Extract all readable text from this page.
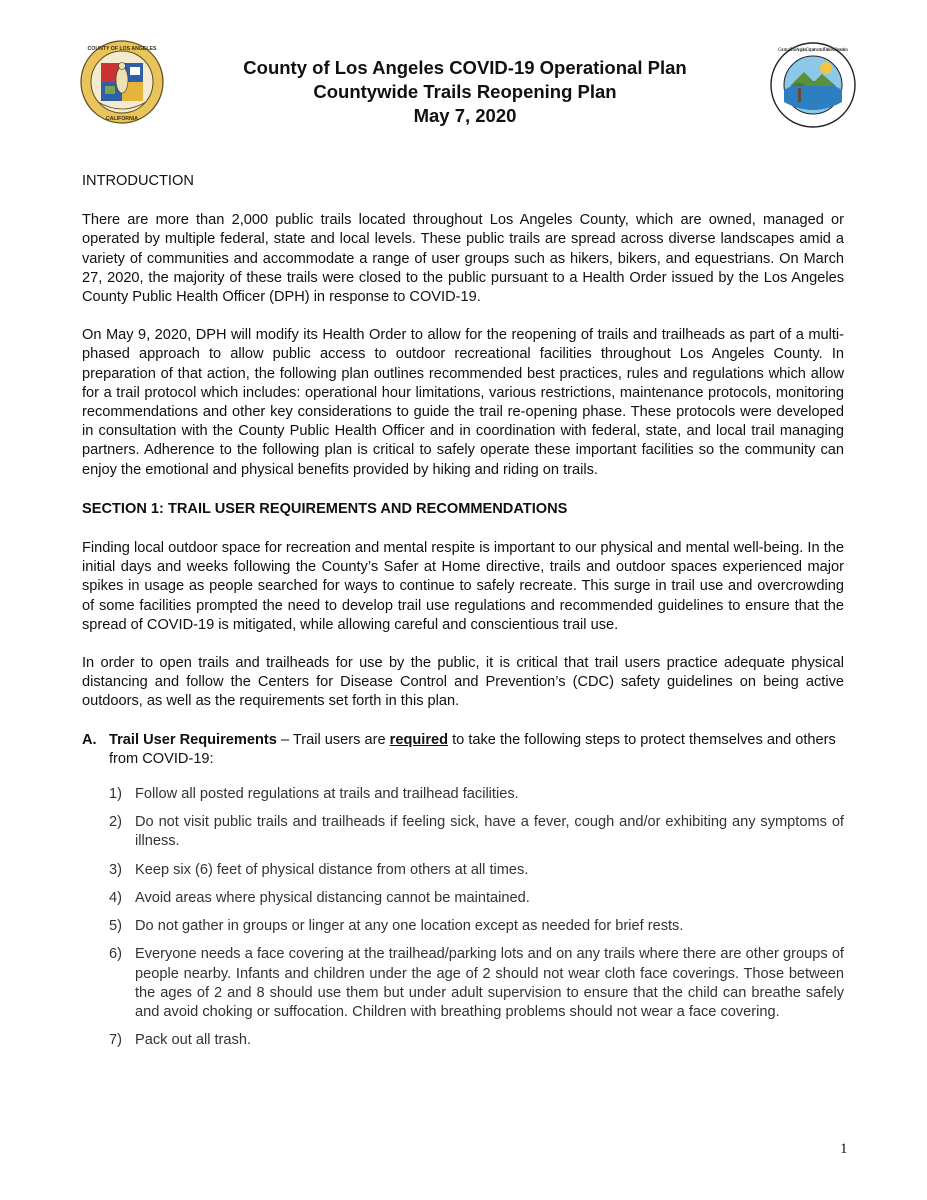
COUNTY OF LOS ANGELES
CALIFORNIA
County of Los Angeles COVID-19 Operational Plan
Countywide Trails Reopening Plan
May 7, 2020
County of Los Angeles Department of Parks & Recreation
INTRODUCTION

There are more than 2,000 public trails located throughout Los Angeles County, which are owned, managed or operated by multiple federal, state and local levels. These public trails are spread across diverse landscapes amid a variety of communities and accommodate a range of user groups such as hikers, bikers, and equestrians. On March 27, 2020, the majority of these trails were closed to the public pursuant to a Health Order issued by the Los Angeles County Public Health Officer (DPH) in response to COVID-19.

On May 9, 2020, DPH will modify its Health Order to allow for the reopening of trails and trailheads as part of a multi-phased approach to allow public access to outdoor recreational facilities throughout Los Angeles County. In preparation of that action, the following plan outlines recommended best practices, rules and regulations which allow for a trail protocol which includes: operational hour limitations, various restrictions, maintenance protocols, monitoring recommendations and other key considerations to guide the trail re-opening phase. These protocols were developed in consultation with the County Public Health Officer and in coordination with federal, state, and local trail managing partners. Adherence to the following plan is critical to safely operate these important facilities so the community can enjoy the emotional and physical benefits provided by hiking and riding on trails.

SECTION 1: TRAIL USER REQUIREMENTS AND RECOMMENDATIONS

Finding local outdoor space for recreation and mental respite is important to our physical and mental well-being. In the initial days and weeks following the County’s Safer at Home directive, trails and outdoor spaces experienced major spikes in usage as people searched for ways to continue to safely recreate. This surge in trail use and overcrowding of some facilities prompted the need to develop trail use regulations and recommended guidelines to ensure that the spread of COVID-19 is mitigated, while allowing careful and conscientious trail use.

In order to open trails and trailheads for use by the public, it is critical that trail users practice adequate physical distancing and follow the Centers for Disease Control and Prevention’s (CDC) safety guidelines on being active outdoors, as well as the requirements set forth in this plan.

A. Trail User Requirements – Trail users are required to take the following steps to protect themselves and others from COVID-19:
1) Follow all posted regulations at trails and trailhead facilities.
2) Do not visit public trails and trailheads if feeling sick, have a fever, cough and/or exhibiting any symptoms of illness.
3) Keep six (6) feet of physical distance from others at all times.
4) Avoid areas where physical distancing cannot be maintained.
5) Do not gather in groups or linger at any one location except as needed for brief rests.
6) Everyone needs a face covering at the trailhead/parking lots and on any trails where there are other groups of people nearby. Infants and children under the age of 2 should not wear cloth face coverings. Those between the ages of 2 and 8 should use them but under adult supervision to ensure that the child can breathe safely and avoid choking or suffocation. Children with breathing problems should not wear a face covering.
7) Pack out all trash.
1
